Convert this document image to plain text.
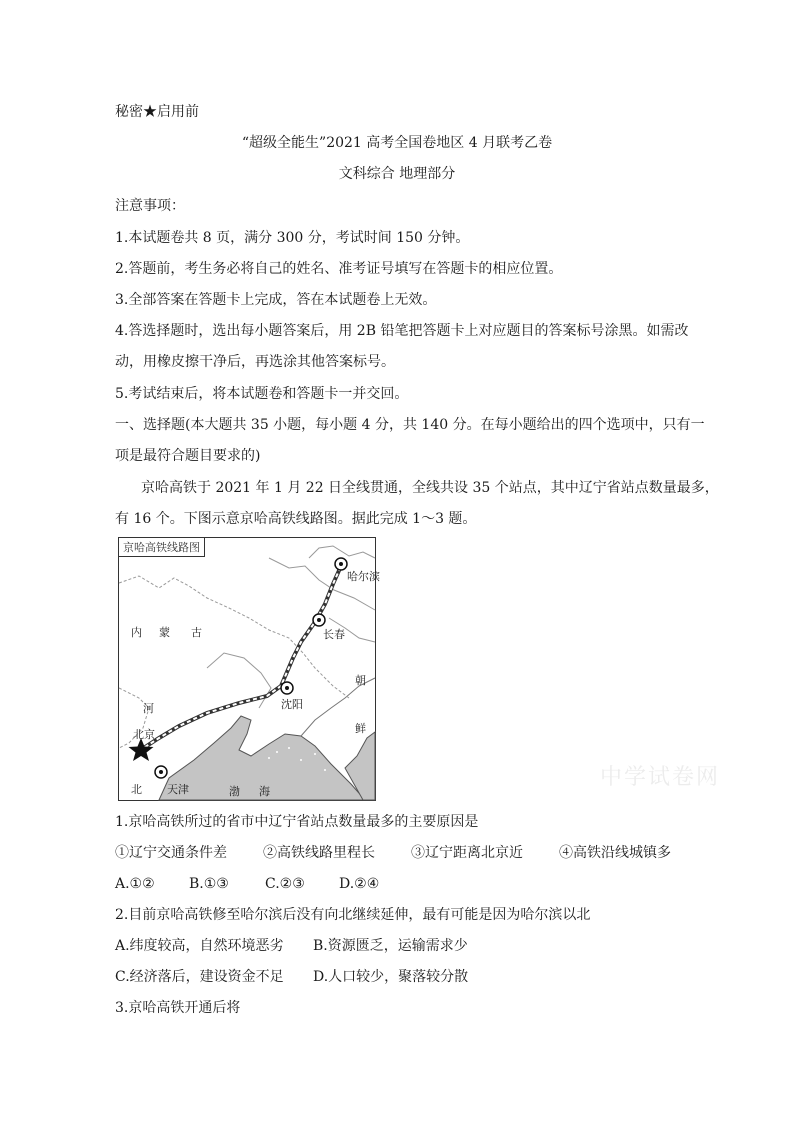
秘密★启用前
“超级全能生”2021 高考全国卷地区 4 月联考乙卷
文科综合 地理部分
注意事项：
1.本试题卷共 8 页，满分 300 分，考试时间 150 分钟。
2.答题前，考生务必将自己的姓名、准考证号填写在答题卡的相应位置。
3.全部答案在答题卡上完成，答在本试题卷上无效。
4.答选择题时，选出每小题答案后，用 2B 铅笔把答题卡上对应题目的答案标号涂黑。如需改
动，用橡皮擦干净后，再选涂其他答案标号。
5.考试结束后，将本试题卷和答题卡一并交回。
一、选择题(本大题共 35 小题，每小题 4 分，共 140 分。在每小题给出的四个选项中，只有一
项是最符合题目要求的)
京哈高铁于 2021 年 1 月 22 日全线贯通，全线共设 35 个站点，其中辽宁省站点数量最多，
有 16 个。下图示意京哈高铁线路图。据此完成 1～3 题。
京哈高铁线路图
哈尔滨
长春
沈阳
北京
天津
内 蒙 古
河
北
朝
鲜
渤 海
中学试卷网
1.京哈高铁所过的省市中辽宁省站点数量最多的主要原因是
①辽宁交通条件差	②高铁线路里程长	③辽宁距离北京近	④高铁沿线城镇多
A.①② B.①③	C.②③ D.②④
2.目前京哈高铁修至哈尔滨后没有向北继续延伸，最有可能是因为哈尔滨以北
A.纬度较高，自然环境恶劣 B.资源匮乏，运输需求少
C.经济落后，建设资金不足 D.人口较少，聚落较分散
3.京哈高铁开通后将
